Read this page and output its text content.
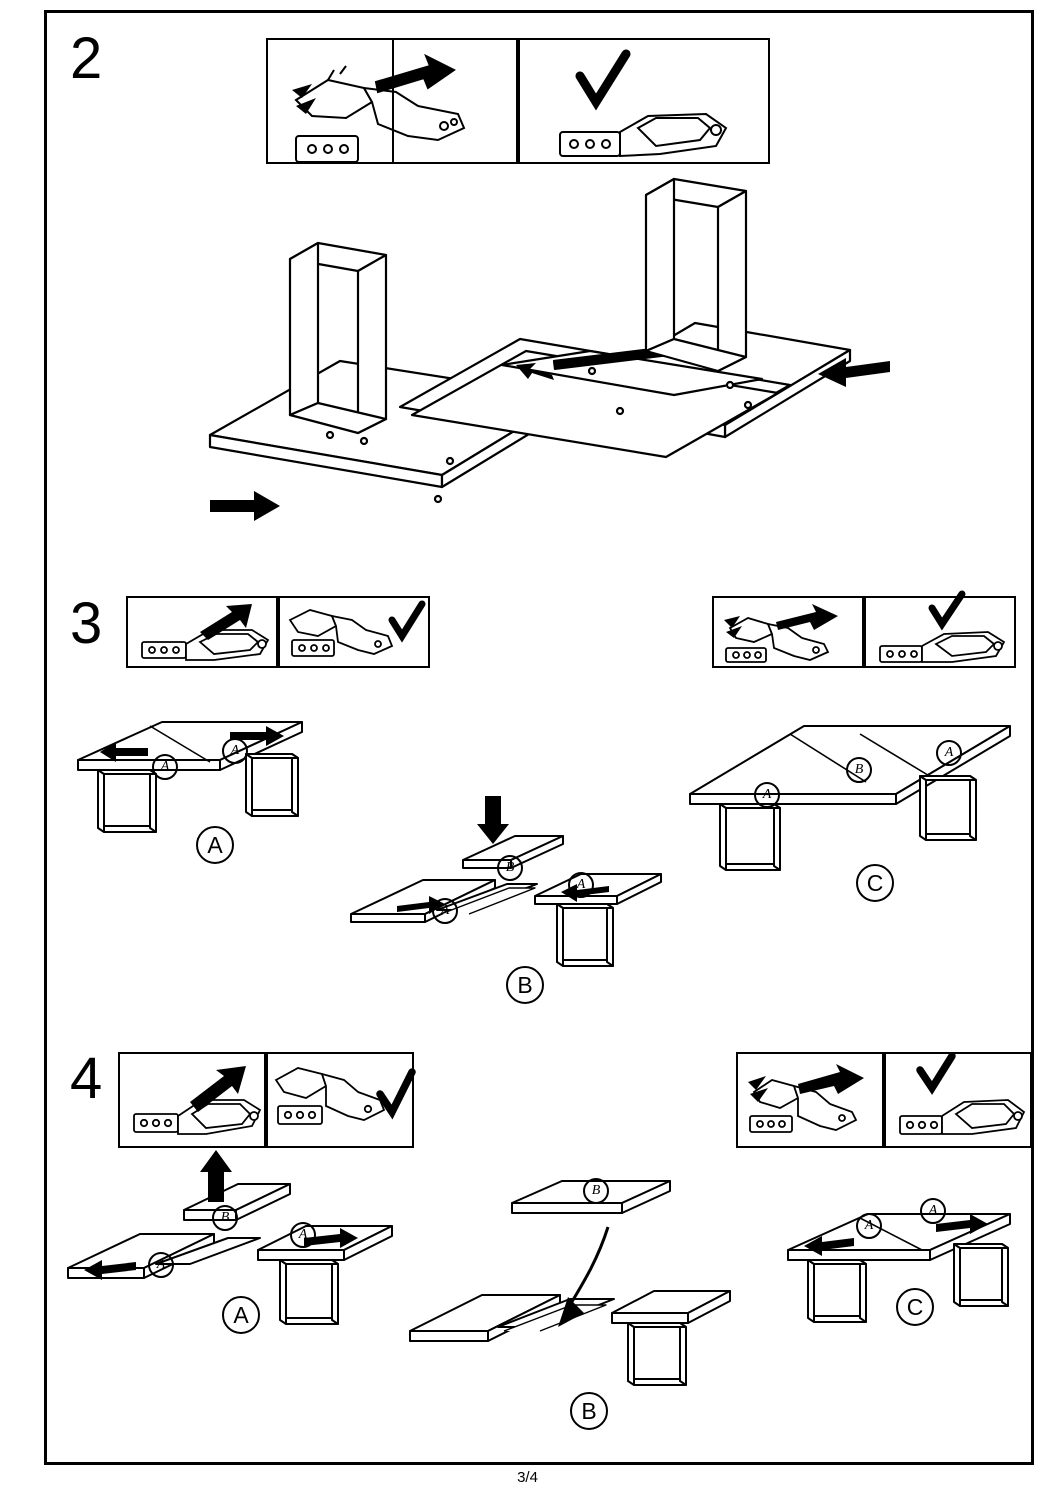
2
3
A
A
A
B
A
A
B
A
B
A
C
4
B
A
A
A
B
B
A
A
C
3/4
